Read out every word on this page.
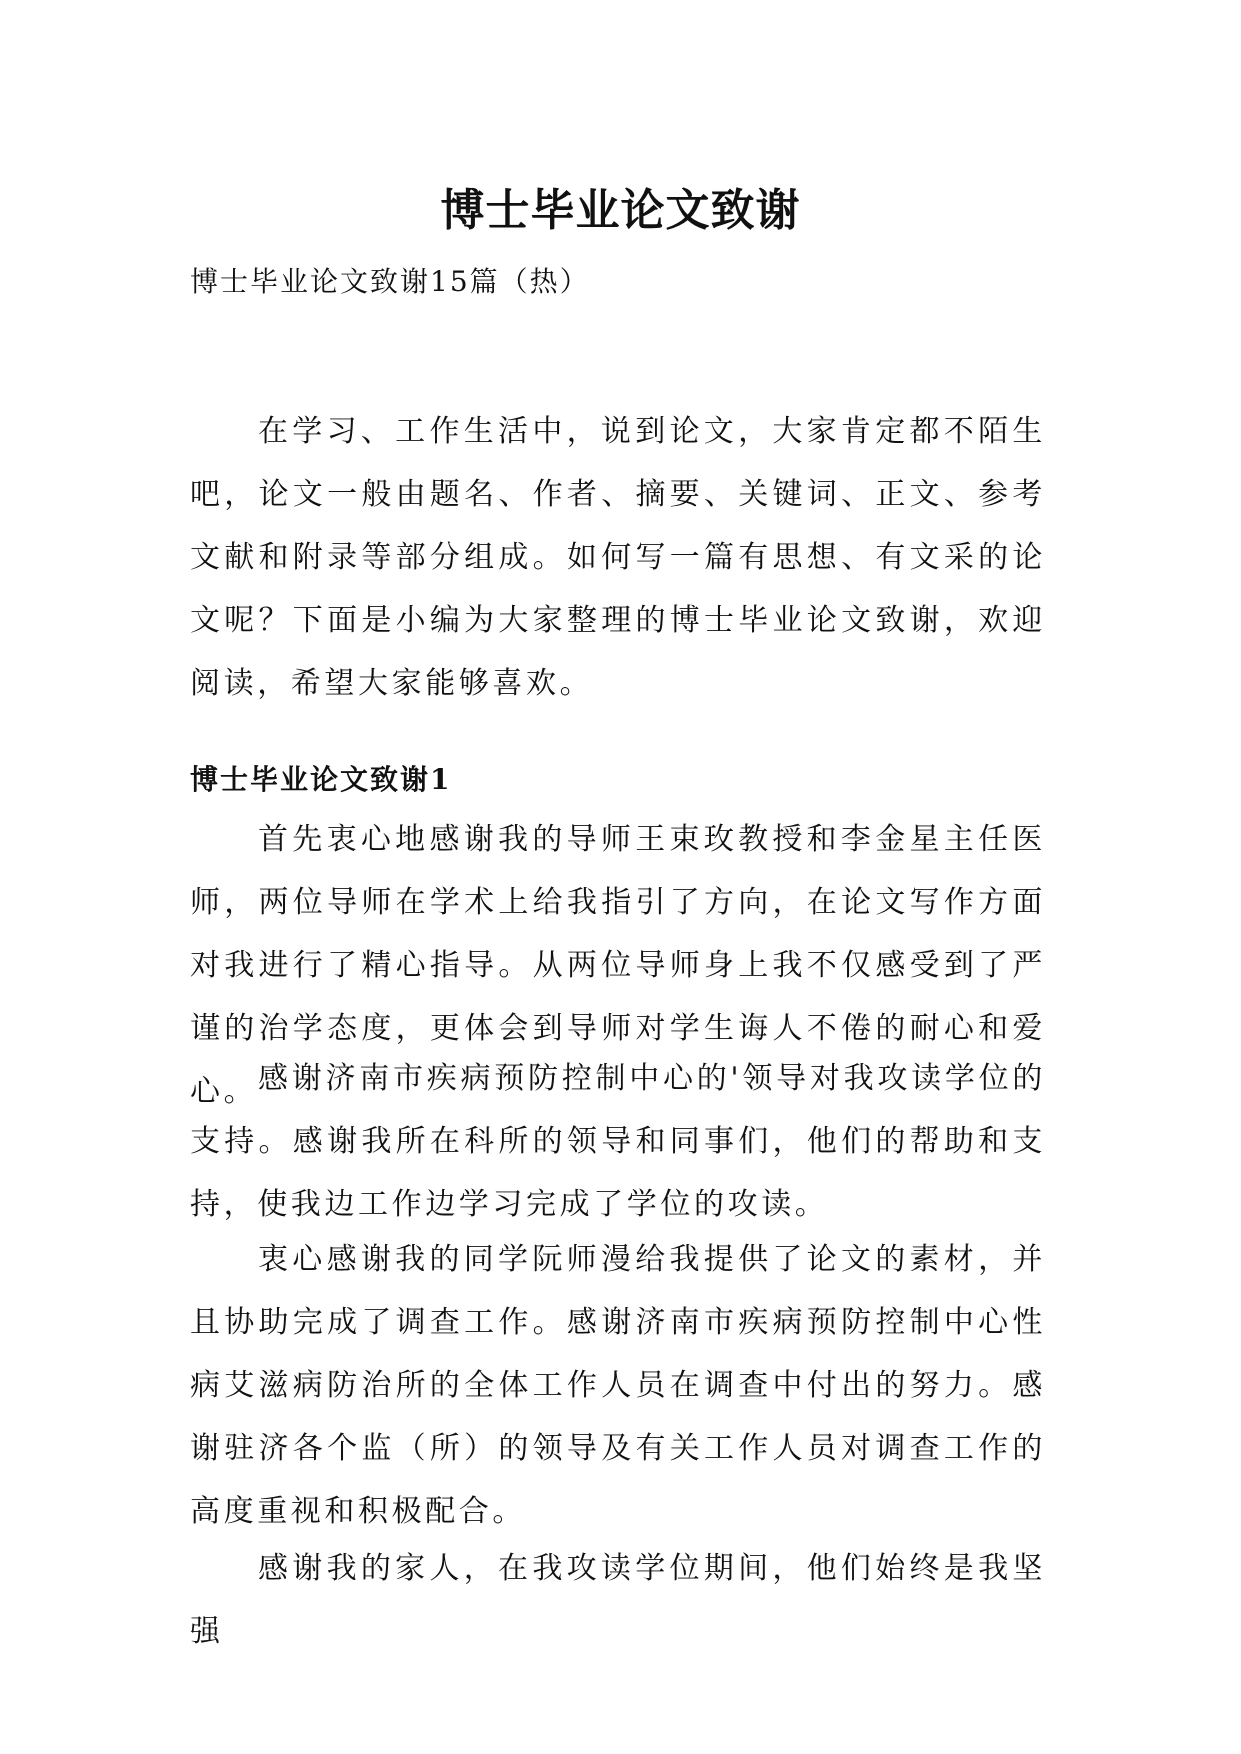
博士毕业论文致谢
博士毕业论文致谢15篇（热）

在学习、工作生活中，说到论文，大家肯定都不陌生吧，论文一般由题名、作者、摘要、关键词、正文、参考文献和附录等部分组成。如何写一篇有思想、有文采的论文呢？下面是小编为大家整理的博士毕业论文致谢，欢迎阅读，希望大家能够喜欢。

博士毕业论文致谢1

首先衷心地感谢我的导师王束玫教授和李金星主任医师，两位导师在学术上给我指引了方向，在论文写作方面对我进行了精心指导。从两位导师身上我不仅感受到了严谨的治学态度，更体会到导师对学生诲人不倦的耐心和爱心。 感谢济南市疾病预防控制中心的'领导对我攻读学位的支持。感谢我所在科所的领导和同事们，他们的帮助和支持，使我边工作边学习完成了学位的攻读。

衷心感谢我的同学阮师漫给我提供了论文的素材，并且协助完成了调查工作。感谢济南市疾病预防控制中心性病艾滋病防治所的全体工作人员在调查中付出的努力。感谢驻济各个监（所）的领导及有关工作人员对调查工作的高度重视和积极配合。

感谢我的家人，在我攻读学位期间，他们始终是我坚强
